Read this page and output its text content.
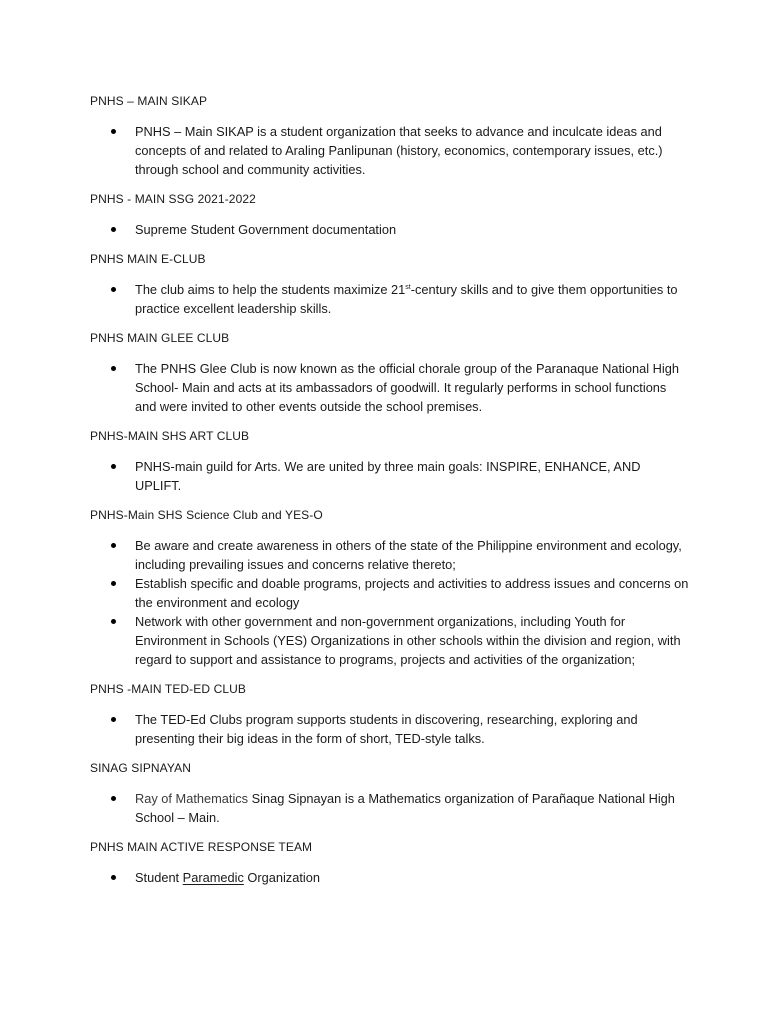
PNHS – MAIN SIKAP
PNHS – Main SIKAP is a student organization that seeks to advance and inculcate ideas and concepts of and related to Araling Panlipunan (history, economics, contemporary issues, etc.) through school and community activities.
PNHS - MAIN SSG 2021-2022
Supreme Student Government documentation
PNHS MAIN E-CLUB
The club aims to help the students maximize 21st-century skills and to give them opportunities to practice excellent leadership skills.
PNHS MAIN GLEE CLUB
The PNHS Glee Club is now known as the official chorale group of the Paranaque National High School- Main and acts at its ambassadors of goodwill. It regularly performs in school functions and were invited to other events outside the school premises.
PNHS-MAIN SHS ART CLUB
PNHS-main guild for Arts. We are united by three main goals: INSPIRE, ENHANCE, AND UPLIFT.
PNHS-Main SHS Science Club and YES-O
Be aware and create awareness in others of the state of the Philippine environment and ecology, including prevailing issues and concerns relative thereto;
Establish specific and doable programs, projects and activities to address issues and concerns on the environment and ecology
Network with other government and non-government organizations, including Youth for Environment in Schools (YES) Organizations in other schools within the division and region, with regard to support and assistance to programs, projects and activities of the organization;
PNHS -MAIN TED-ED CLUB
The TED-Ed Clubs program supports students in discovering, researching, exploring and presenting their big ideas in the form of short, TED-style talks.
SINAG SIPNAYAN
Ray of Mathematics Sinag Sipnayan is a Mathematics organization of Parañaque National High School – Main.
PNHS MAIN ACTIVE RESPONSE TEAM
Student Paramedic Organization
